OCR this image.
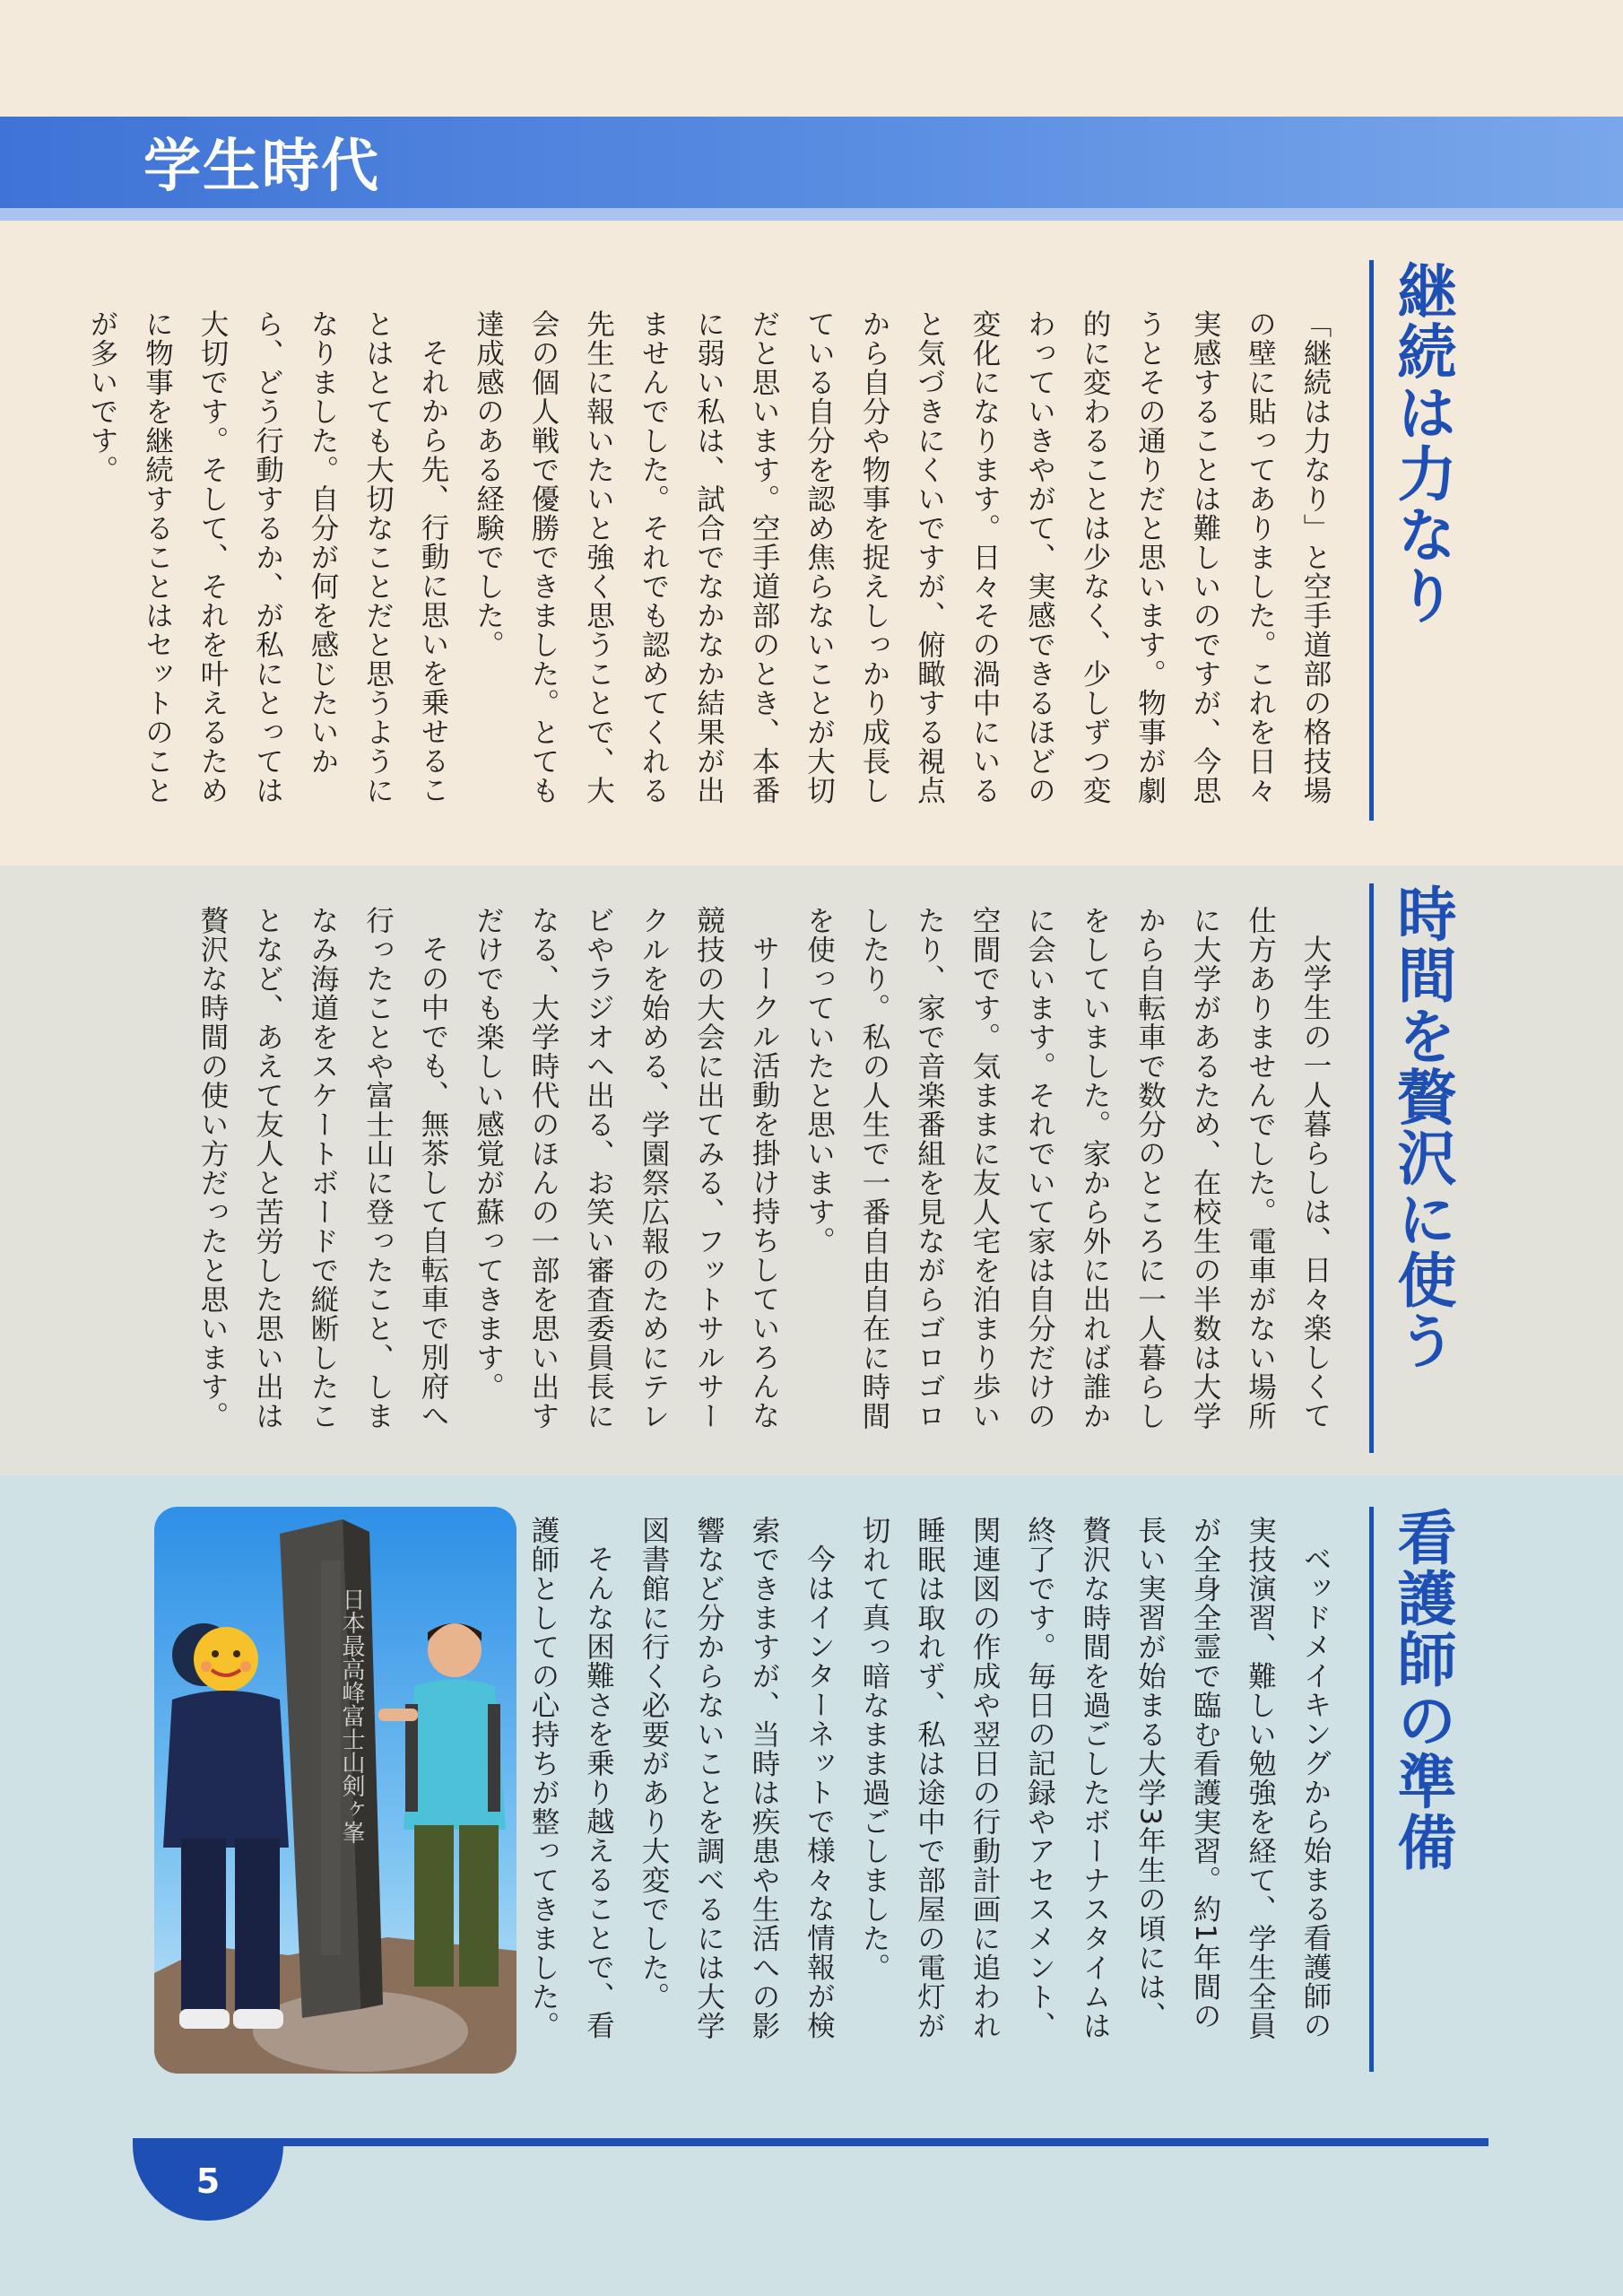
学生時代
継続は力なり

「継続は力なり」と空手道部の格技場の壁に貼ってありました。これを日々実感することは難しいのですが、今思うとその通りだと思います。物事が劇的に変わることは少なく、少しずつ変わっていきやがて、実感できるほどの変化になります。日々その渦中にいると気づきにくいですが、俯瞰する視点から自分や物事を捉えしっかり成長している自分を認め焦らないことが大切だと思います。空手道部のとき、本番に弱い私は、試合でなかなか結果が出ませんでした。それでも認めてくれる先生に報いたいと強く思うことで、大会の個人戦で優勝できました。とても達成感のある経験でした。

それから先、行動に思いを乗せることはとても大切なことだと思うようになりました。自分が何を感じたいから、どう行動するか、が私にとっては大切です。そして、それを叶えるために物事を継続することはセットのことが多いです。

時間を贅沢に使う

大学生の一人暮らしは、日々楽しくて仕方ありませんでした。電車がない場所に大学があるため、在校生の半数は大学から自転車で数分のところに一人暮らしをしていました。家から外に出れば誰かに会います。それでいて家は自分だけの空間です。気ままに友人宅を泊まり歩いたり、家で音楽番組を見ながらゴロゴロしたり。私の人生で一番自由自在に時間を使っていたと思います。

サークル活動を掛け持ちしていろんな競技の大会に出てみる、フットサルサークルを始める、学園祭広報のためにテレビやラジオへ出る、お笑い審査委員長になる、大学時代のほんの一部を思い出すだけでも楽しい感覚が蘇ってきます。

その中でも、無茶して自転車で別府へ行ったことや富士山に登ったこと、しまなみ海道をスケートボードで縦断したことなど、あえて友人と苦労した思い出は贅沢な時間の使い方だったと思います。

看護師の準備

ベッドメイキングから始まる看護師の実技演習、難しい勉強を経て、学生全員が全身全霊で臨む看護実習。約1年間の長い実習が始まる大学3年生の頃には、贅沢な時間を過ごしたボーナスタイムは終了です。毎日の記録やアセスメント、関連図の作成や翌日の行動計画に追われ睡眠は取れず、私は途中で部屋の電灯が切れて真っ暗なまま過ごしました。

今はインターネットで様々な情報が検索できますが、当時は疾患や生活への影響など分からないことを調べるには大学図書館に行く必要があり大変でした。

そんな困難さを乗り越えることで、看護師としての心持ちが整ってきました。

日本最高峰富士山剣ヶ峯
5
